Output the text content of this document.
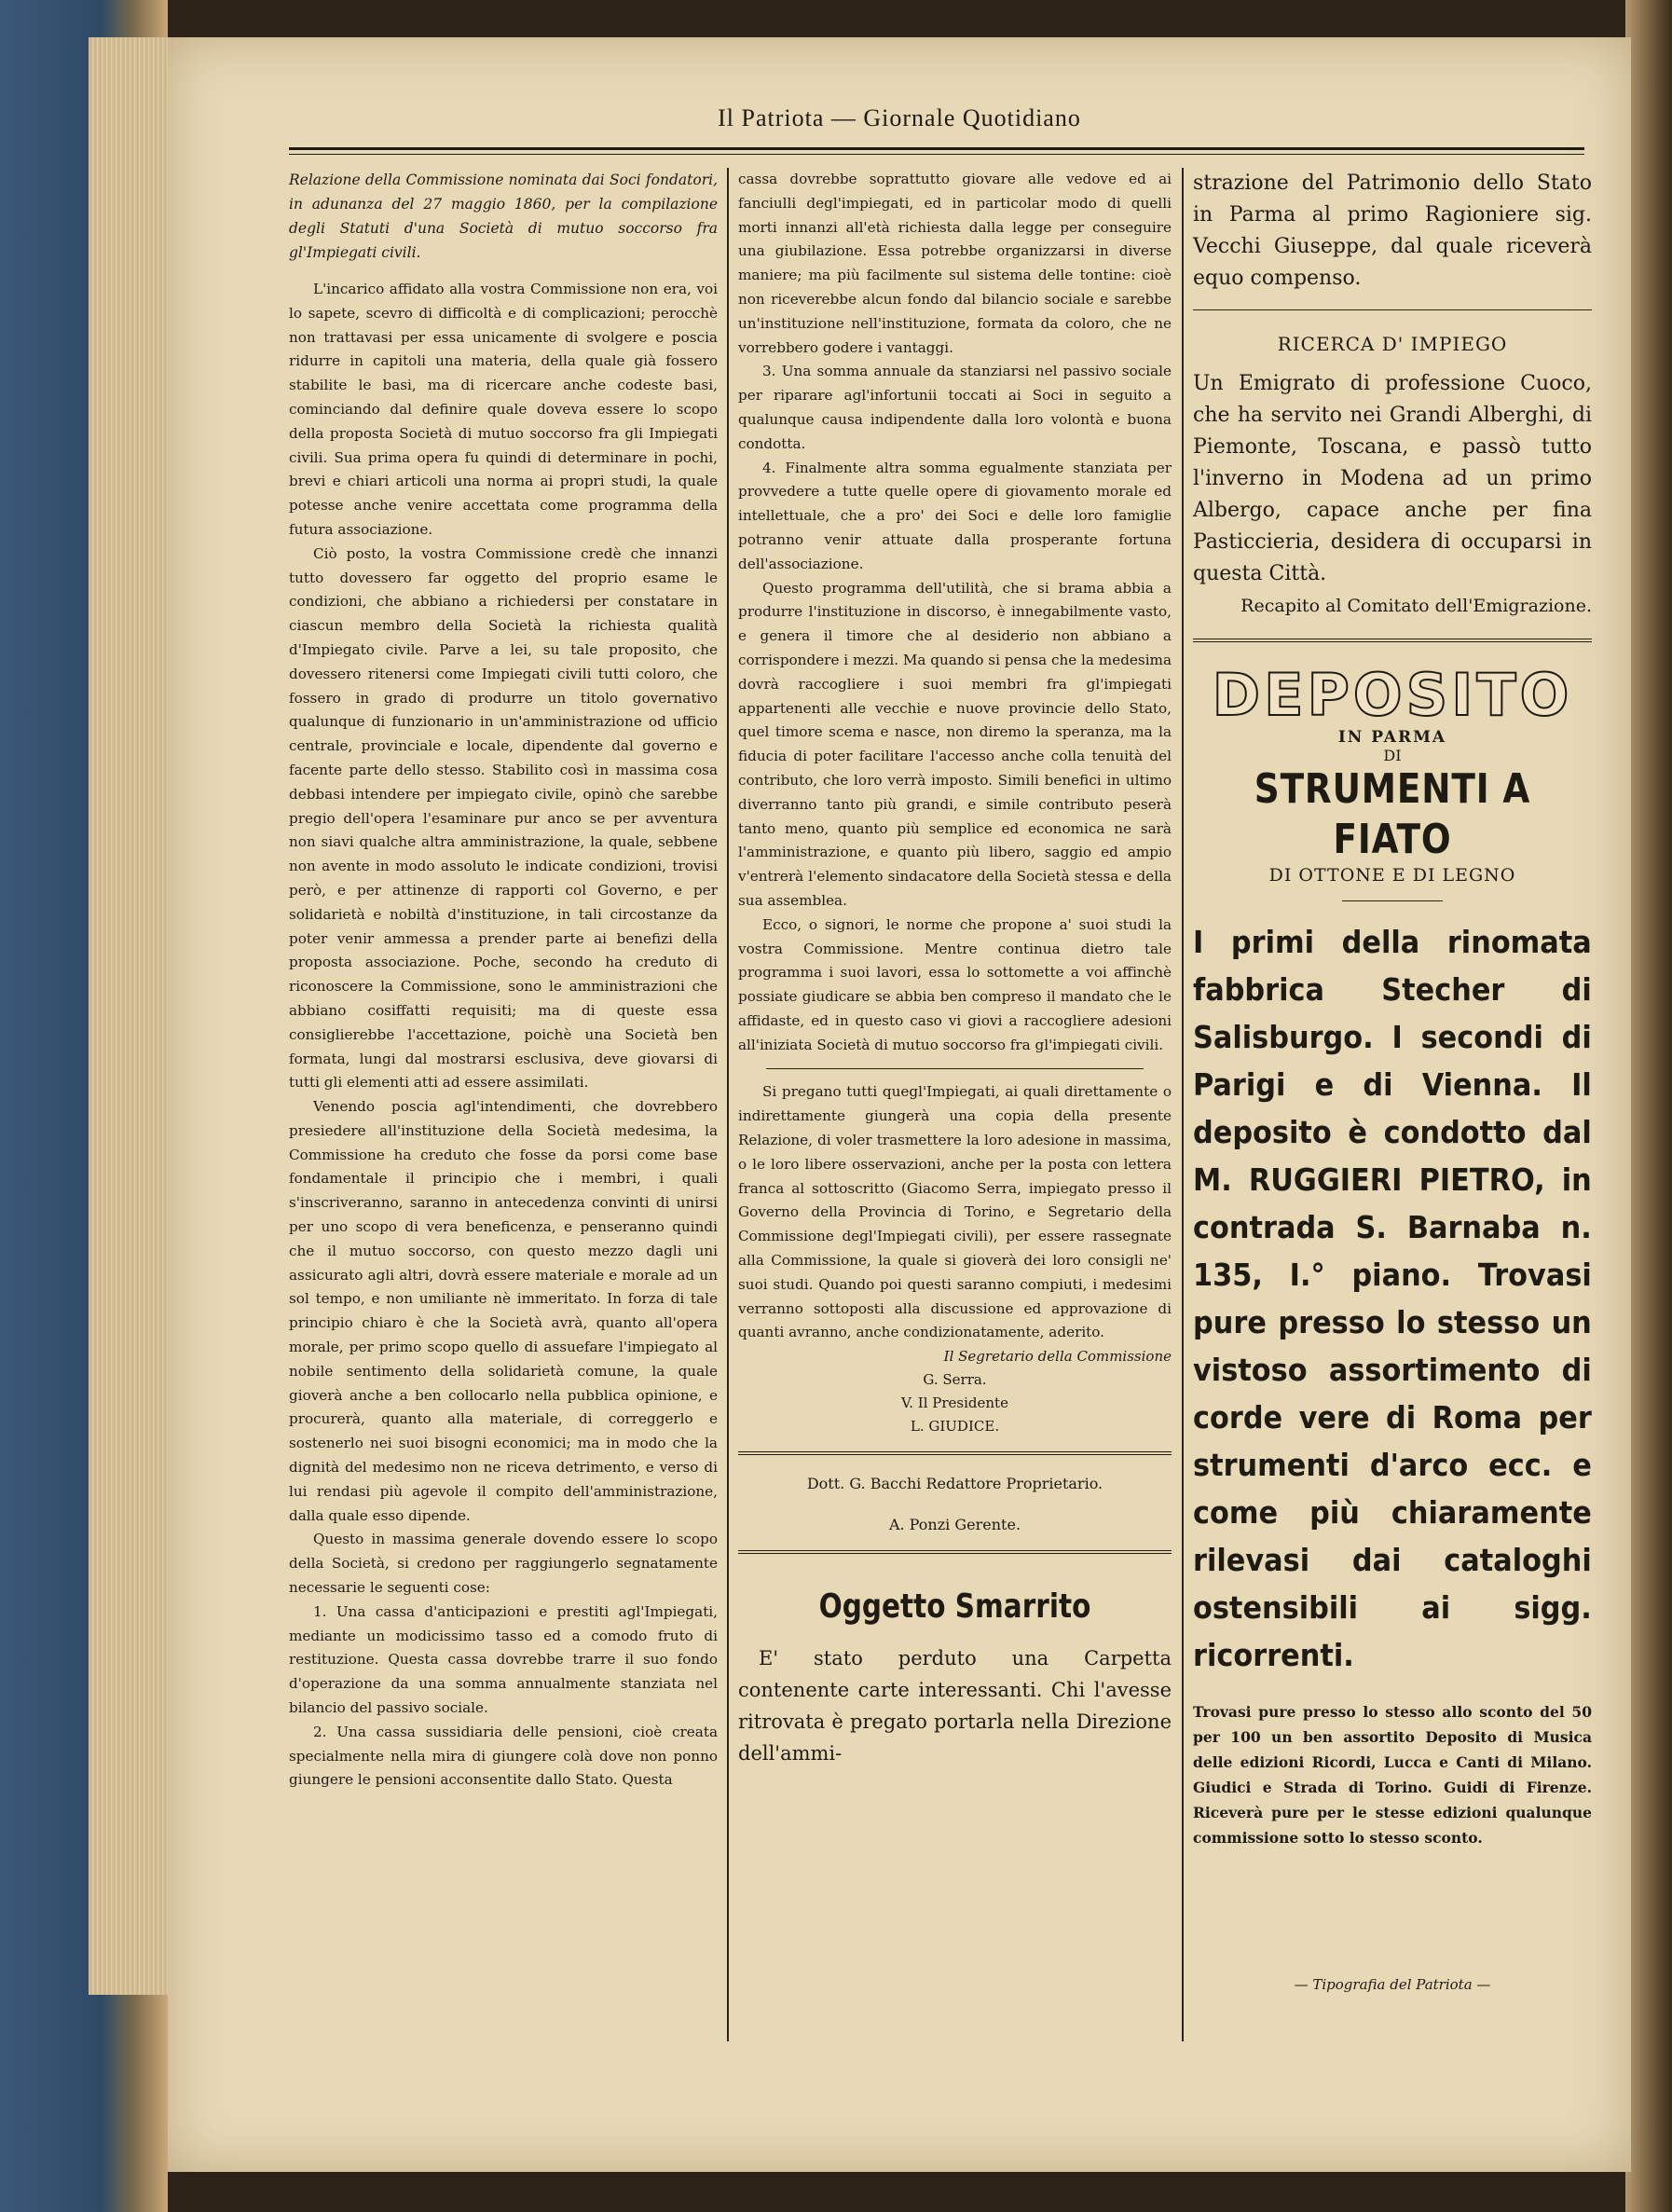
Il Patriota — Giornale Quotidiano

Relazione della Commissione nominata dai Soci fondatori, in adunanza del 27 maggio 1860, per la compilazione degli Statuti d'una Società di mutuo soccorso fra gl'Impiegati civili.

L'incarico affidato alla vostra Commissione non era, voi lo sapete, scevro di difficoltà e di complicazioni; perocchè non trattavasi per essa unicamente di svolgere e poscia ridurre in capitoli una materia, della quale già fossero stabilite le basi, ma di ricercare anche codeste basi, cominciando dal definire quale doveva essere lo scopo della proposta Società di mutuo soccorso fra gli Impiegati civili. Sua prima opera fu quindi di determinare in pochi, brevi e chiari articoli una norma ai propri studi, la quale potesse anche venire accettata come programma della futura associazione.

Ciò posto, la vostra Commissione credè che innanzi tutto dovessero far oggetto del proprio esame le condizioni, che abbiano a richiedersi per constatare in ciascun membro della Società la richiesta qualità d'Impiegato civile. Parve a lei, su tale proposito, che dovessero ritenersi come Impiegati civili tutti coloro, che fossero in grado di produrre un titolo governativo qualunque di funzionario in un'amministrazione od ufficio centrale, provinciale e locale, dipendente dal governo e facente parte dello stesso. Stabilito così in massima cosa debbasi intendere per impiegato civile, opinò che sarebbe pregio dell'opera l'esaminare pur anco se per avventura non siavi qualche altra amministrazione, la quale, sebbene non avente in modo assoluto le indicate condizioni, trovisi però, e per attinenze di rapporti col Governo, e per solidarietà e nobiltà d'instituzione, in tali circostanze da poter venir ammessa a prender parte ai benefizi della proposta associazione. Poche, secondo ha creduto di riconoscere la Commissione, sono le amministrazioni che abbiano cosiffatti requisiti; ma di queste essa consiglierebbe l'accettazione, poichè una Società ben formata, lungi dal mostrarsi esclusiva, deve giovarsi di tutti gli elementi atti ad essere assimilati.

Venendo poscia agl'intendimenti, che dovrebbero presiedere all'instituzione della Società medesima, la Commissione ha creduto che fosse da porsi come base fondamentale il principio che i membri, i quali s'inscriveranno, saranno in antecedenza convinti di unirsi per uno scopo di vera beneficenza, e penseranno quindi che il mutuo soccorso, con questo mezzo dagli uni assicurato agli altri, dovrà essere materiale e morale ad un sol tempo, e non umiliante nè immeritato. In forza di tale principio chiaro è che la Società avrà, quanto all'opera morale, per primo scopo quello di assuefare l'impiegato al nobile sentimento della solidarietà comune, la quale gioverà anche a ben collocarlo nella pubblica opinione, e procurerà, quanto alla materiale, di correggerlo e sostenerlo nei suoi bisogni economici; ma in modo che la dignità del medesimo non ne riceva detrimento, e verso di lui rendasi più agevole il compito dell'amministrazione, dalla quale esso dipende.

Questo in massima generale dovendo essere lo scopo della Società, si credono per raggiungerlo segnatamente necessarie le seguenti cose:

1. Una cassa d'anticipazioni e prestiti agl'Impiegati, mediante un modicissimo tasso ed a comodo fruto di restituzione. Questa cassa dovrebbe trarre il suo fondo d'operazione da una somma annualmente stanziata nel bilancio del passivo sociale.

2. Una cassa sussidiaria delle pensioni, cioè creata specialmente nella mira di giungere colà dove non ponno giungere le pensioni acconsentite dallo Stato. Questa

cassa dovrebbe soprattutto giovare alle vedove ed ai fanciulli degl'impiegati, ed in particolar modo di quelli morti innanzi all'età richiesta dalla legge per conseguire una giubilazione. Essa potrebbe organizzarsi in diverse maniere; ma più facilmente sul sistema delle tontine: cioè non riceverebbe alcun fondo dal bilancio sociale e sarebbe un'instituzione nell'instituzione, formata da coloro, che ne vorrebbero godere i vantaggi.

3. Una somma annuale da stanziarsi nel passivo sociale per riparare agl'infortunii toccati ai Soci in seguito a qualunque causa indipendente dalla loro volontà e buona condotta.

4. Finalmente altra somma egualmente stanziata per provvedere a tutte quelle opere di giovamento morale ed intellettuale, che a pro' dei Soci e delle loro famiglie potranno venir attuate dalla prosperante fortuna dell'associazione.

Questo programma dell'utilità, che si brama abbia a produrre l'instituzione in discorso, è innegabilmente vasto, e genera il timore che al desiderio non abbiano a corrispondere i mezzi. Ma quando si pensa che la medesima dovrà raccogliere i suoi membri fra gl'impiegati appartenenti alle vecchie e nuove provincie dello Stato, quel timore scema e nasce, non diremo la speranza, ma la fiducia di poter facilitare l'accesso anche colla tenuità del contributo, che loro verrà imposto. Simili benefici in ultimo diverranno tanto più grandi, e simile contributo peserà tanto meno, quanto più semplice ed economica ne sarà l'amministrazione, e quanto più libero, saggio ed ampio v'entrerà l'elemento sindacatore della Società stessa e della sua assemblea.

Ecco, o signori, le norme che propone a' suoi studi la vostra Commissione. Mentre continua dietro tale programma i suoi lavori, essa lo sottomette a voi affinchè possiate giudicare se abbia ben compreso il mandato che le affidaste, ed in questo caso vi giovi a raccogliere adesioni all'iniziata Società di mutuo soccorso fra gl'impiegati civili.

Si pregano tutti quegl'Impiegati, ai quali direttamente o indirettamente giungerà una copia della presente Relazione, di voler trasmettere la loro adesione in massima, o le loro libere osservazioni, anche per la posta con lettera franca al sottoscritto (Giacomo Serra, impiegato presso il Governo della Provincia di Torino, e Segretario della Commissione degl'Impiegati civili), per essere rassegnate alla Commissione, la quale si gioverà dei loro consigli ne' suoi studi. Quando poi questi saranno compiuti, i medesimi verranno sottoposti alla discussione ed approvazione di quanti avranno, anche condizionatamente, aderito.

Il Segretario della Commissione
G. Serra.
V. Il Presidente
L. GIUDICE.
Dott. G. Bacchi Redattore Proprietario.
A. Ponzi Gerente.
Oggetto Smarrito

E' stato perduto una Carpetta contenente carte interessanti. Chi l'avesse ritrovata è pregato portarla nella Direzione dell'ammi-

strazione del Patrimonio dello Stato in Parma al primo Ragioniere sig. Vecchi Giuseppe, dal quale riceverà equo compenso.

RICERCA D' IMPIEGO

Un Emigrato di professione Cuoco, che ha servito nei Grandi Alberghi, di Piemonte, Toscana, e passò tutto l'inverno in Modena ad un primo Albergo, capace anche per fina Pasticcieria, desidera di occuparsi in questa Città.

Recapito al Comitato dell'Emigrazione.

DEPOSITO
IN PARMA
DI
STRUMENTI A FIATO
DI OTTONE E DI LEGNO
I primi della rinomata fabbrica Stecher di Salisburgo. I secondi di Parigi e di Vienna. Il deposito è condotto dal M. RUGGIERI PIETRO, in contrada S. Barnaba n. 135, I.° piano. Trovasi pure presso lo stesso un vistoso assortimento di corde vere di Roma per strumenti d'arco ecc. e come più chiaramente rilevasi dai cataloghi ostensibili ai sigg. ricorrenti.

Trovasi pure presso lo stesso allo sconto del 50 per 100 un ben assortito Deposito di Musica delle edizioni Ricordi, Lucca e Canti di Milano. Giudici e Strada di Torino. Guidi di Firenze. Riceverà pure per le stesse edizioni qualunque commissione sotto lo stesso sconto.

— Tipografia del Patriota —
